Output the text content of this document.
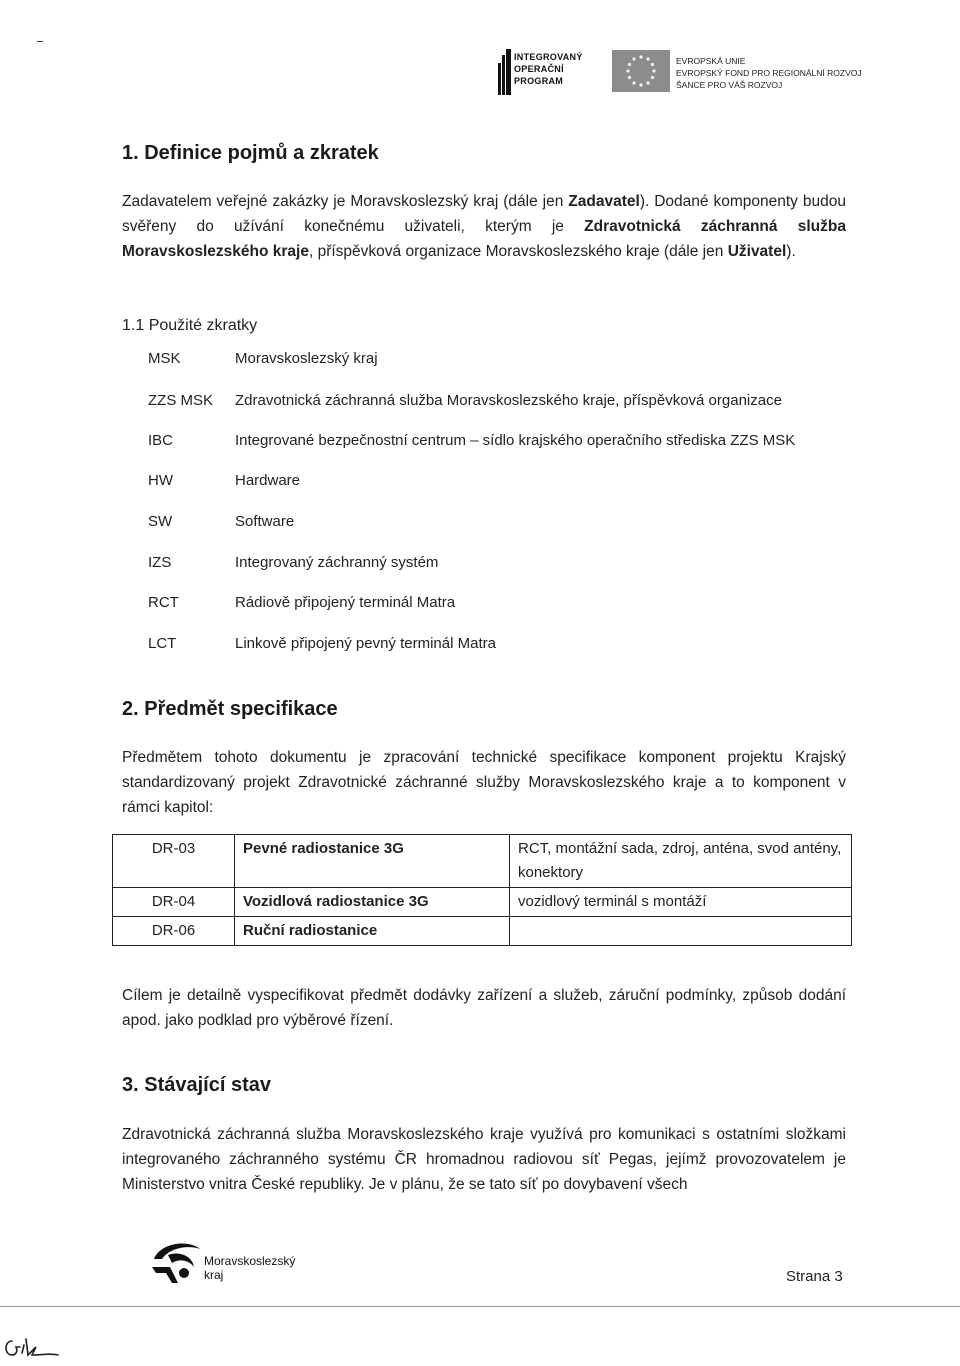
INTEGROVANÝ
OPERAČNÍ
PROGRAM
EVROPSKÁ UNIE
EVROPSKÝ FOND PRO REGIONÁLNÍ ROZVOJ
ŠANCE PRO VÁŠ ROZVOJ
1. Definice pojmů a zkratek
Zadavatelem veřejné zakázky je Moravskoslezský kraj (dále jen Zadavatel). Dodané komponenty budou svěřeny do užívání konečnému uživateli, kterým je Zdravotnická záchranná služba Moravskoslezského kraje, příspěvková organizace Moravskoslezského kraje (dále jen Uživatel).
1.1 Použité zkratky
MSK	Moravskoslezský kraj
ZZS MSK	Zdravotnická záchranná služba Moravskoslezského kraje, příspěvková organizace
IBC	Integrované bezpečnostní centrum – sídlo krajského operačního střediska ZZS MSK
HW	Hardware
SW	Software
IZS	Integrovaný záchranný systém
RCT	Rádiově připojený terminál Matra
LCT	Linkově připojený pevný terminál Matra
2. Předmět specifikace
Předmětem tohoto dokumentu je zpracování technické specifikace komponent projektu Krajský standardizovaný projekt Zdravotnické záchranné služby Moravskoslezského kraje a to komponent v rámci kapitol:
DR-03	Pevné radiostanice 3G	RCT, montážní sada, zdroj, anténa, svod antény, konektory
DR-04	Vozidlová radiostanice 3G	vozidlový terminál s montáží
DR-06	Ruční radiostanice	
Cílem je detailně vyspecifikovat předmět dodávky zařízení a služeb, záruční podmínky, způsob dodání apod. jako podklad pro výběrové řízení.
3. Stávající stav
Zdravotnická záchranná služba Moravskoslezského kraje využívá pro komunikaci s ostatními složkami integrovaného záchranného systému ČR hromadnou radiovou síť Pegas, jejímž provozovatelem je Ministerstvo vnitra České republiky. Je v plánu, že se tato síť po dovybavení všech
Moravskoslezský
kraj	Strana 3
